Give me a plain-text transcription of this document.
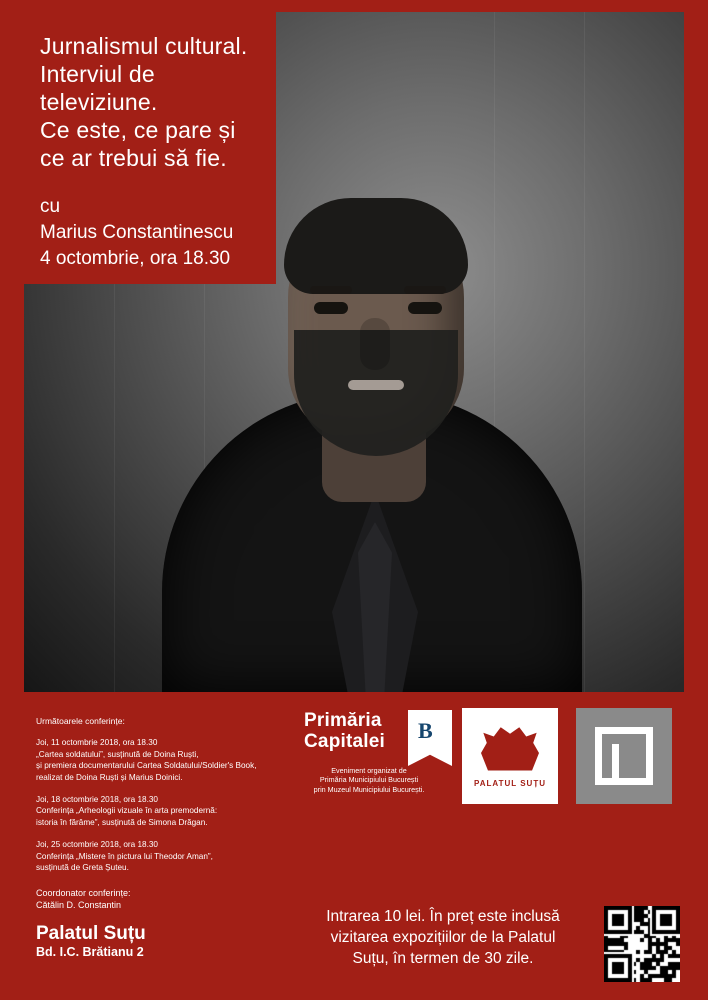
Jurnalismul cultural.
Interviul de
televiziune.
Ce este, ce pare și
ce ar trebui să fie.
cu
Marius Constantinescu
4 octombrie, ora 18.30
Următoarele conferințe:
Joi, 11 octombrie 2018, ora 18.30
„Cartea soldatului”, susținută de Doina Ruști,
și premiera documentarului Cartea Soldatului/Soldier's Book,
realizat de Doina Ruști și Marius Doinici.
Joi, 18 octombrie 2018, ora 18.30
Conferința „Arheologii vizuale în arta premodernă:
istoria în fărâme”, susținută de Simona Drăgan.
Joi, 25 octombrie 2018, ora 18.30
Conferința „Mistere în pictura lui Theodor Aman”,
susținută de Greta Șuteu.
Coordonator conferințe:
Cătălin D. Constantin
Palatul Suțu
Bd. I.C. Brătianu 2
Primăria
Capitalei	B
Eveniment organizat de
Primăria Municipiului București
prin Muzeul Municipiului București.
PALATUL SUȚU
Intrarea 10 lei. În preț este inclusă
vizitarea expozițiilor de la Palatul
Suțu, în termen de 30 zile.
